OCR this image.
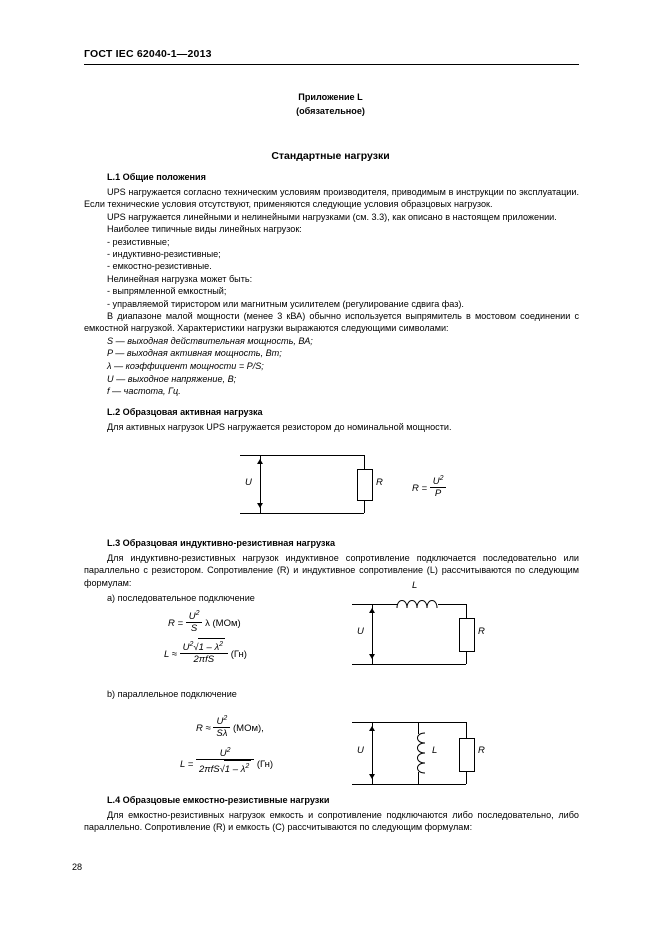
ГОСТ IEC 62040-1—2013
Приложение L
(обязательное)
Стандартные нагрузки
L.1 Общие положения

UPS нагружается согласно техническим условиям производителя, приводимым в инструкции по эксплуатации. Если технические условия отсутствуют, применяются следующие условия образцовых нагрузок.

UPS нагружается линейными и нелинейными нагрузками (см. 3.3), как описано в настоящем приложении.

Наиболее типичные виды линейных нагрузок:

- резистивные;
- индуктивно-резистивные;
- емкостно-резистивные.

Нелинейная нагрузка может быть:

- выпрямленной емкостный;
- управляемой тиристором или магнитным усилителем (регулирование сдвига фаз).

В диапазоне малой мощности (менее 3 кВА) обычно используется выпрямитель в мостовом соединении с емкостной нагрузкой. Характеристики нагрузки выражаются следующими символами:

S — выходная действительная мощность, ВА;
P — выходная активная мощность, Вт;
λ — коэффициент мощности = P/S;
U — выходное напряжение, В;
f — частота, Гц.
L.2 Образцовая активная нагрузка

Для активных нагрузок UPS нагружается резистором до номинальной мощности.

U	R
$R = \frac{U^2}{P}$
L.3 Образцовая индуктивно-резистивная нагрузка

Для индуктивно-резистивных нагрузок индуктивное сопротивление подключается последовательно или параллельно с резистором. Сопротивление (R) и индуктивное сопротивление (L) рассчитываются по следующим формулам:

a) последовательное подключение
$R = \frac{U^2}{S}$ λ (МОм)
$L \approx \frac{U^2√1 - \lambda^2}{\text{2πfS}} (Гн)$
L
U	R
b) параллельное подключение
$R \approx \frac{U^2}{S\lambda} (МОм)$,
$L = \frac{U^2}{2\pi fS√1 - \lambda^2} (Гн)$
U	L	R
L.4 Образцовые емкостно-резистивные нагрузки

Для емкостно-резистивных нагрузок емкость и сопротивление подключаются либо последовательно, либо параллельно. Сопротивление (R) и емкость (C) рассчитываются по следующим формулам:

28
